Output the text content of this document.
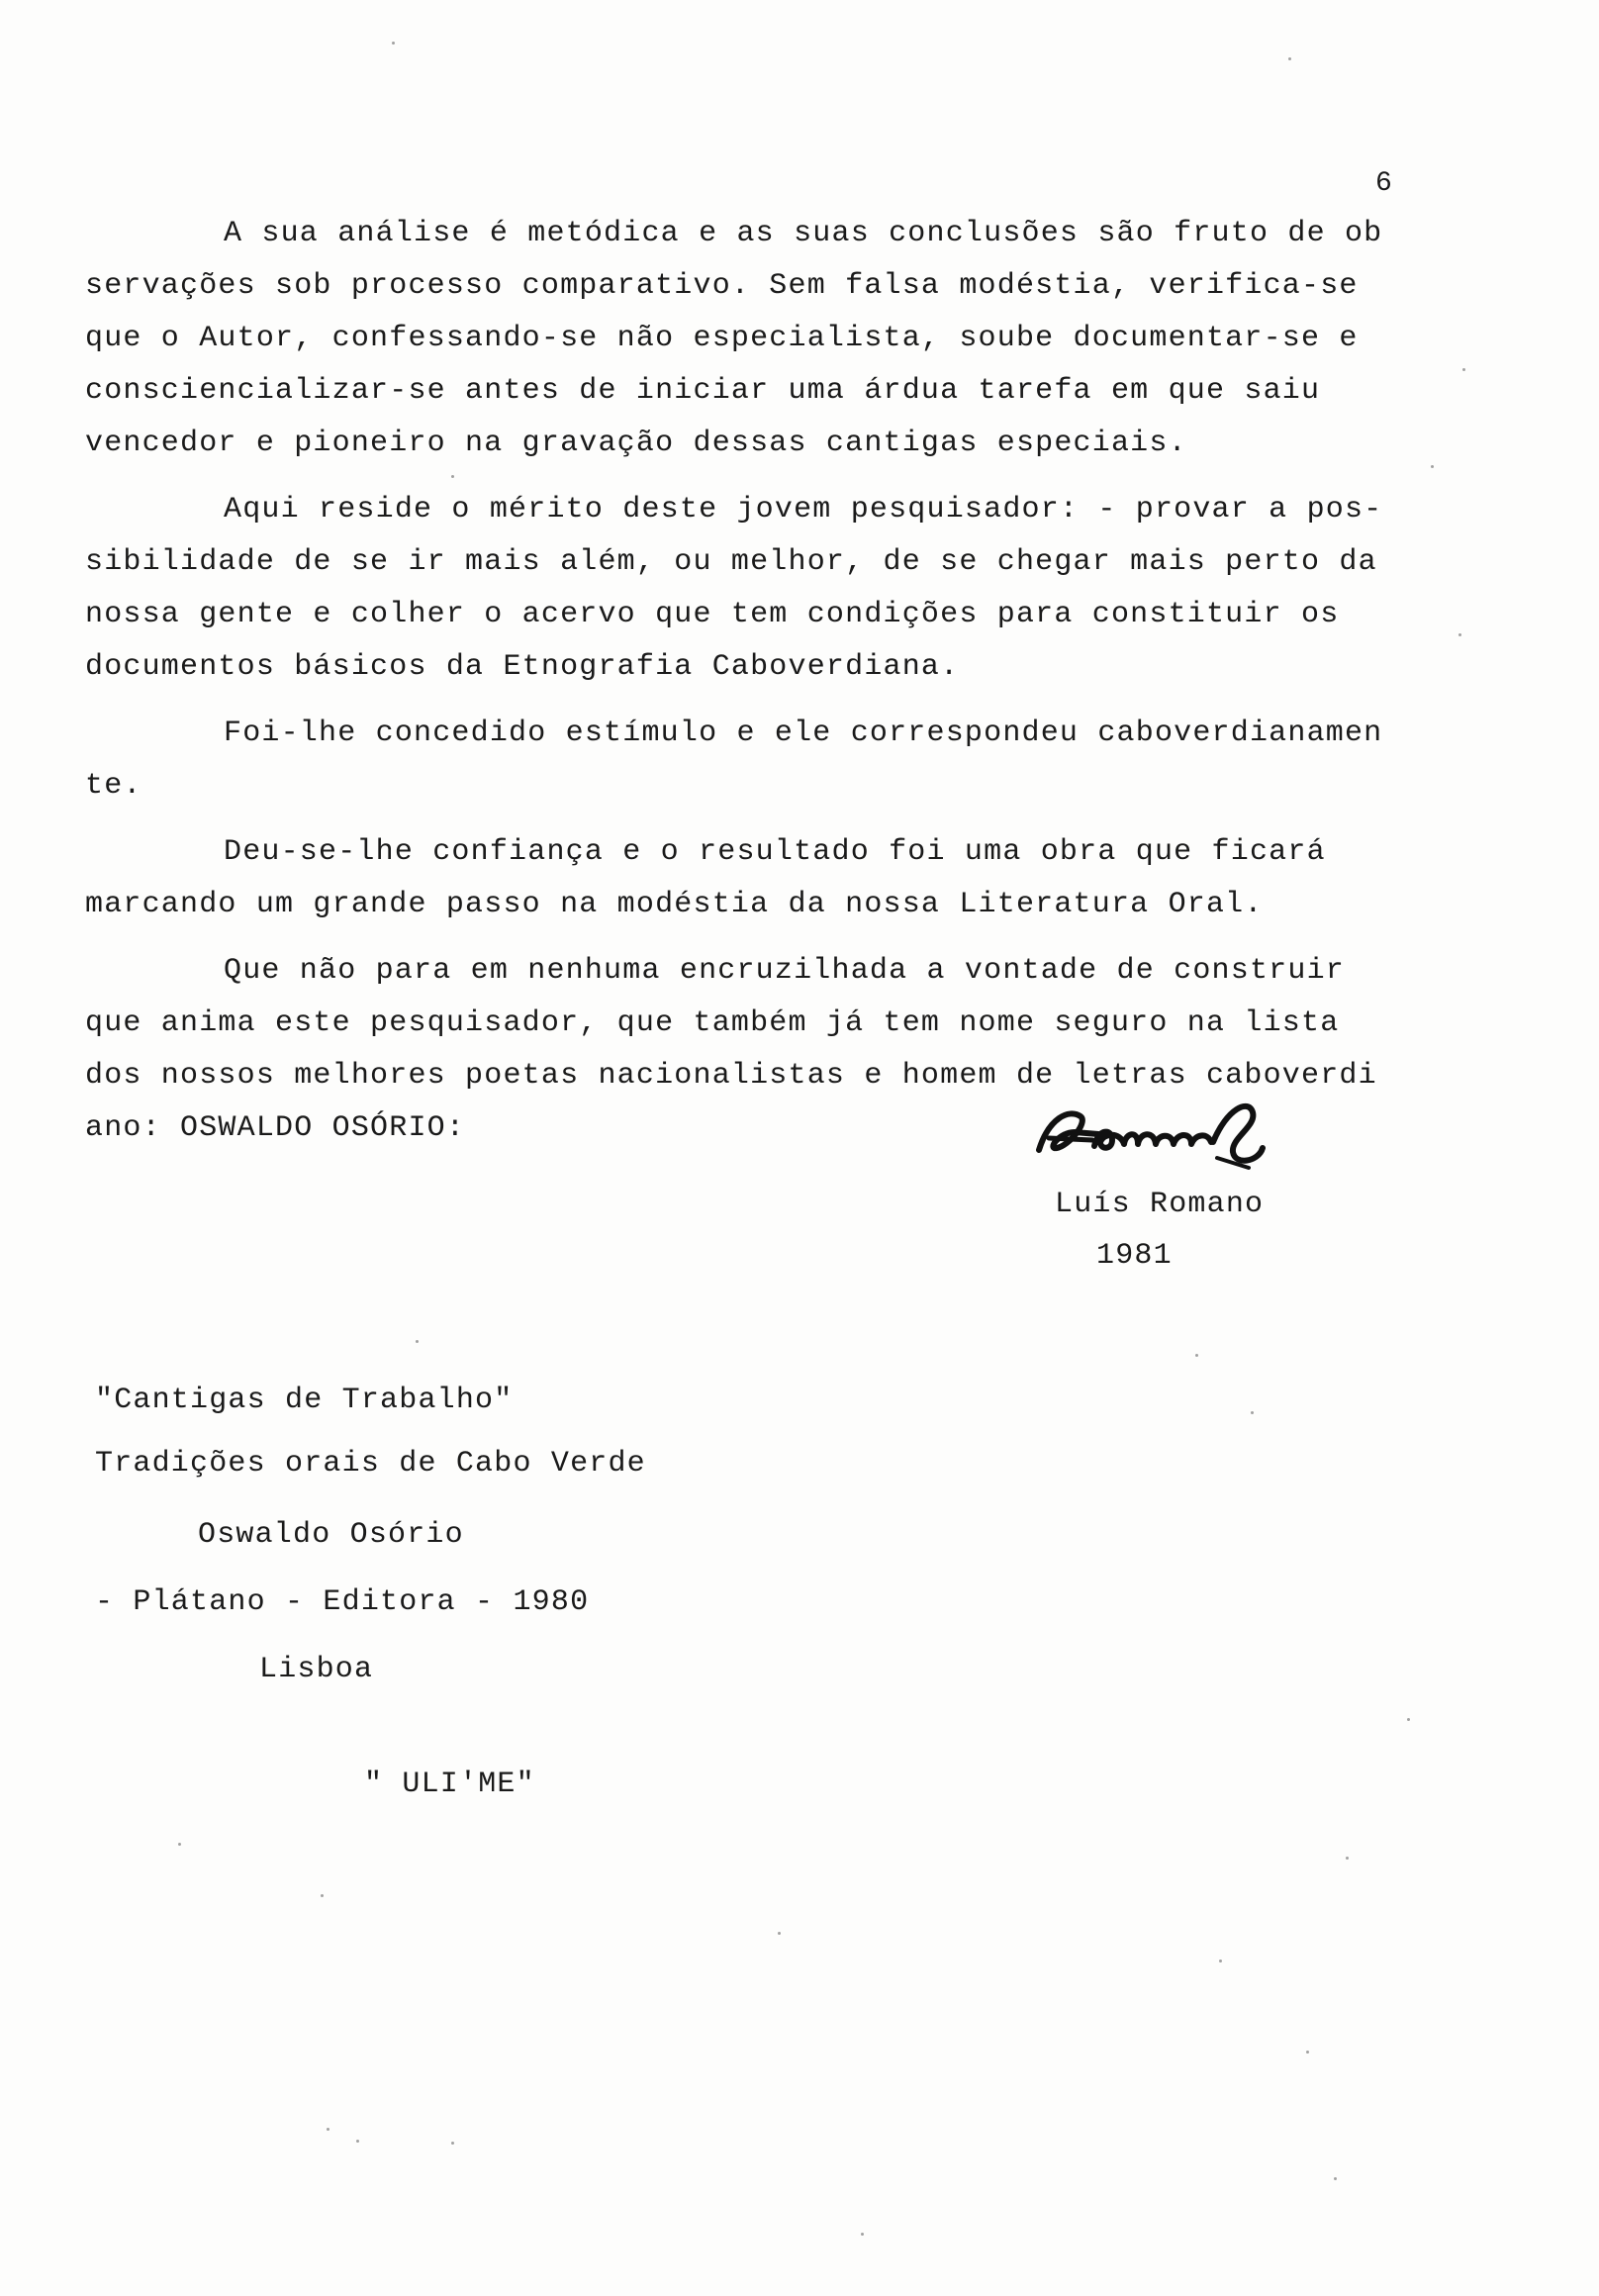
6

A sua análise é metódica e as suas conclusões são fruto de ob
servações sob processo comparativo. Sem falsa modéstia, verifica-se
que o Autor, confessando-se não especialista, soube documentar-se e
consciencializar-se antes de iniciar uma árdua tarefa em que saiu
vencedor e pioneiro na gravação dessas cantigas especiais.

Aqui reside o mérito deste jovem pesquisador: - provar a pos-
sibilidade de se ir mais além, ou melhor, de se chegar mais perto da
nossa gente e colher o acervo que tem condições para constituir os
documentos básicos da Etnografia Caboverdiana.

Foi-lhe concedido estímulo e ele correspondeu caboverdianamen
te.

Deu-se-lhe confiança e o resultado foi uma obra que ficará
marcando um grande passo na modéstia da nossa Literatura Oral.

Que não para em nenhuma encruzilhada a vontade de construir
que anima este pesquisador, que também já tem nome seguro na lista
dos nossos melhores poetas nacionalistas e homem de letras caboverdi
ano: OSWALDO OSÓRIO:

Luís Romano
1981
"Cantigas de Trabalho"
Tradições orais de Cabo Verde
Oswaldo Osório
- Plátano - Editora - 1980
Lisboa
" ULI'ME"
